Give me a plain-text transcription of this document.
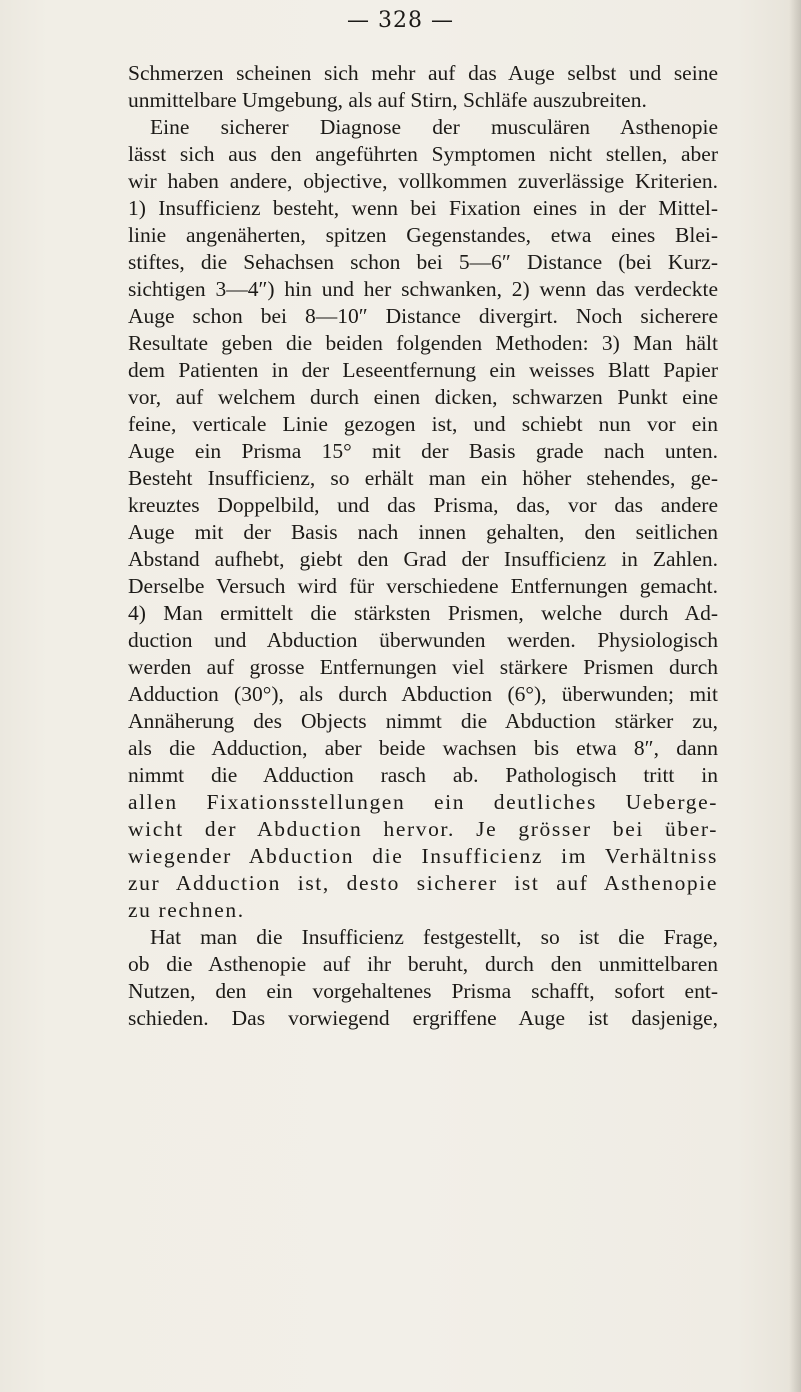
— 328 —
Schmerzen scheinen sich mehr auf das Auge selbst und seine
unmittelbare Umgebung, als auf Stirn, Schläfe auszubreiten.
Eine sicherer Diagnose der musculären Asthenopie
lässt sich aus den angeführten Symptomen nicht stellen, aber
wir haben andere, objective, vollkommen zuverlässige Kriterien.
1) Insufficienz besteht, wenn bei Fixation eines in der Mittel-
linie angenäherten, spitzen Gegenstandes, etwa eines Blei-
stiftes, die Sehachsen schon bei 5—6″ Distance (bei Kurz-
sichtigen 3—4″) hin und her schwanken, 2) wenn das verdeckte
Auge schon bei 8—10″ Distance divergirt. Noch sicherere
Resultate geben die beiden folgenden Methoden: 3) Man hält
dem Patienten in der Leseentfernung ein weisses Blatt Papier
vor, auf welchem durch einen dicken, schwarzen Punkt eine
feine, verticale Linie gezogen ist, und schiebt nun vor ein
Auge ein Prisma 15° mit der Basis grade nach unten.
Besteht Insufficienz, so erhält man ein höher stehendes, ge-
kreuztes Doppelbild, und das Prisma, das, vor das andere
Auge mit der Basis nach innen gehalten, den seitlichen
Abstand aufhebt, giebt den Grad der Insufficienz in Zahlen.
Derselbe Versuch wird für verschiedene Entfernungen gemacht.
4) Man ermittelt die stärksten Prismen, welche durch Ad-
duction und Abduction überwunden werden. Physiologisch
werden auf grosse Entfernungen viel stärkere Prismen durch
Adduction (30°), als durch Abduction (6°), überwunden; mit
Annäherung des Objects nimmt die Abduction stärker zu,
als die Adduction, aber beide wachsen bis etwa 8″, dann
nimmt die Adduction rasch ab. Pathologisch tritt in
allen Fixationsstellungen ein deutliches Ueberge-
wicht der Abduction hervor. Je grösser bei über-
wiegender Abduction die Insufficienz im Verhältniss
zur Adduction ist, desto sicherer ist auf Asthenopie
zu rechnen.
Hat man die Insufficienz festgestellt, so ist die Frage,
ob die Asthenopie auf ihr beruht, durch den unmittelbaren
Nutzen, den ein vorgehaltenes Prisma schafft, sofort ent-
schieden. Das vorwiegend ergriffene Auge ist dasjenige,
